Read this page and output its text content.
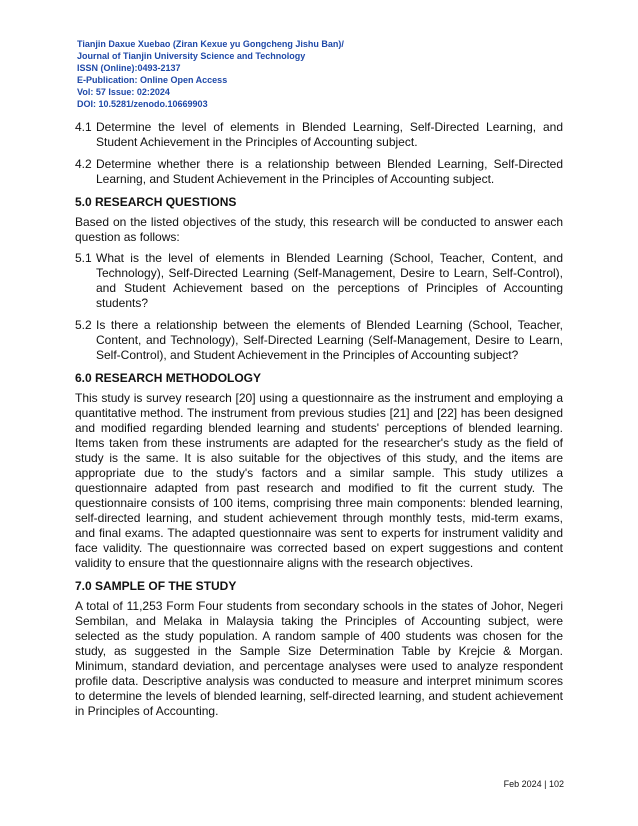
Tianjin Daxue Xuebao (Ziran Kexue yu Gongcheng Jishu Ban)/
Journal of Tianjin University Science and Technology
ISSN (Online):0493-2137
E-Publication: Online Open Access
Vol: 57 Issue: 02:2024
DOI: 10.5281/zenodo.10669903
4.1 Determine the level of elements in Blended Learning, Self-Directed Learning, and Student Achievement in the Principles of Accounting subject.
4.2 Determine whether there is a relationship between Blended Learning, Self-Directed Learning, and Student Achievement in the Principles of Accounting subject.
5.0 RESEARCH QUESTIONS
Based on the listed objectives of the study, this research will be conducted to answer each question as follows:
5.1 What is the level of elements in Blended Learning (School, Teacher, Content, and Technology), Self-Directed Learning (Self-Management, Desire to Learn, Self-Control), and Student Achievement based on the perceptions of Principles of Accounting students?
5.2 Is there a relationship between the elements of Blended Learning (School, Teacher, Content, and Technology), Self-Directed Learning (Self-Management, Desire to Learn, Self-Control), and Student Achievement in the Principles of Accounting subject?
6.0 RESEARCH METHODOLOGY
This study is survey research [20] using a questionnaire as the instrument and employing a quantitative method. The instrument from previous studies [21] and [22] has been designed and modified regarding blended learning and students' perceptions of blended learning. Items taken from these instruments are adapted for the researcher's study as the field of study is the same. It is also suitable for the objectives of this study, and the items are appropriate due to the study's factors and a similar sample. This study utilizes a questionnaire adapted from past research and modified to fit the current study. The questionnaire consists of 100 items, comprising three main components: blended learning, self-directed learning, and student achievement through monthly tests, mid-term exams, and final exams. The adapted questionnaire was sent to experts for instrument validity and face validity. The questionnaire was corrected based on expert suggestions and content validity to ensure that the questionnaire aligns with the research objectives.
7.0 SAMPLE OF THE STUDY
A total of 11,253 Form Four students from secondary schools in the states of Johor, Negeri Sembilan, and Melaka in Malaysia taking the Principles of Accounting subject, were selected as the study population. A random sample of 400 students was chosen for the study, as suggested in the Sample Size Determination Table by Krejcie & Morgan. Minimum, standard deviation, and percentage analyses were used to analyze respondent profile data. Descriptive analysis was conducted to measure and interpret minimum scores to determine the levels of blended learning, self-directed learning, and student achievement in Principles of Accounting.
Feb 2024 | 102
